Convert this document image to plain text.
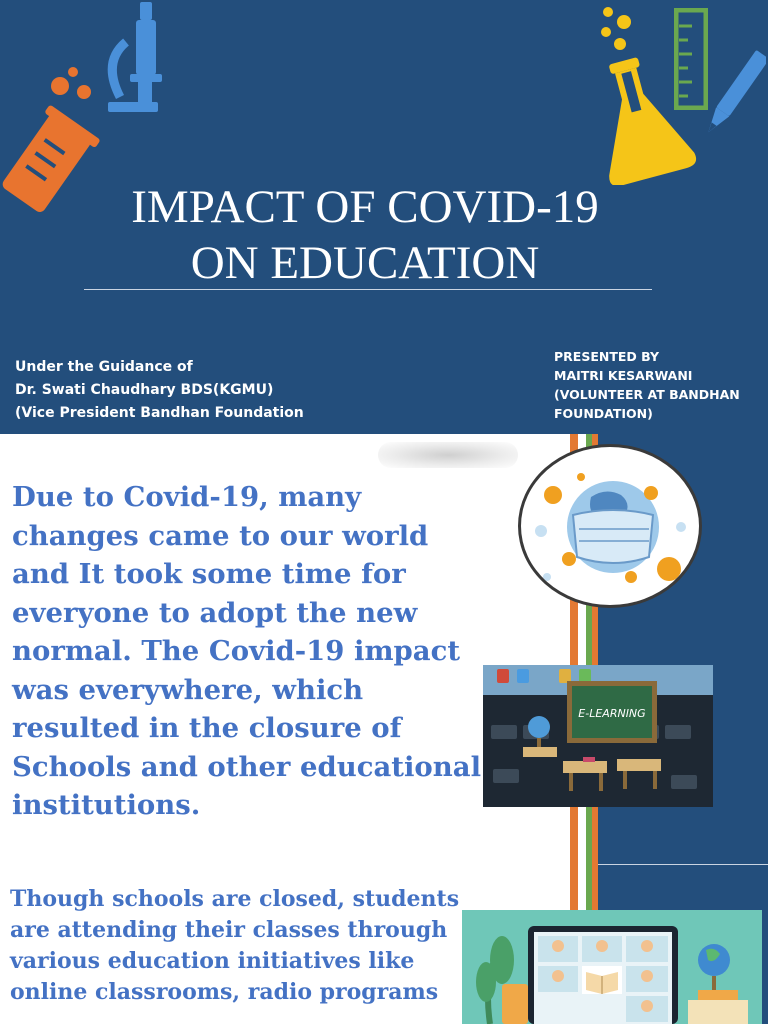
IMPACT OF COVID-19
ON EDUCATION
Under the Guidance of
Dr. Swati Chaudhary BDS(KGMU)
(Vice President Bandhan Foundation
PRESENTED BY
MAITRI KESARWANI
(VOLUNTEER AT BANDHAN
FOUNDATION)
Due to Covid-19, many changes came to our world and It took some time for everyone to adopt the new normal. The Covid-19 impact was everywhere, which resulted in the closure of Schools and other educational institutions.
Though schools are closed, students are attending their classes through various education initiatives like online classrooms, radio programs
E-LEARNING
